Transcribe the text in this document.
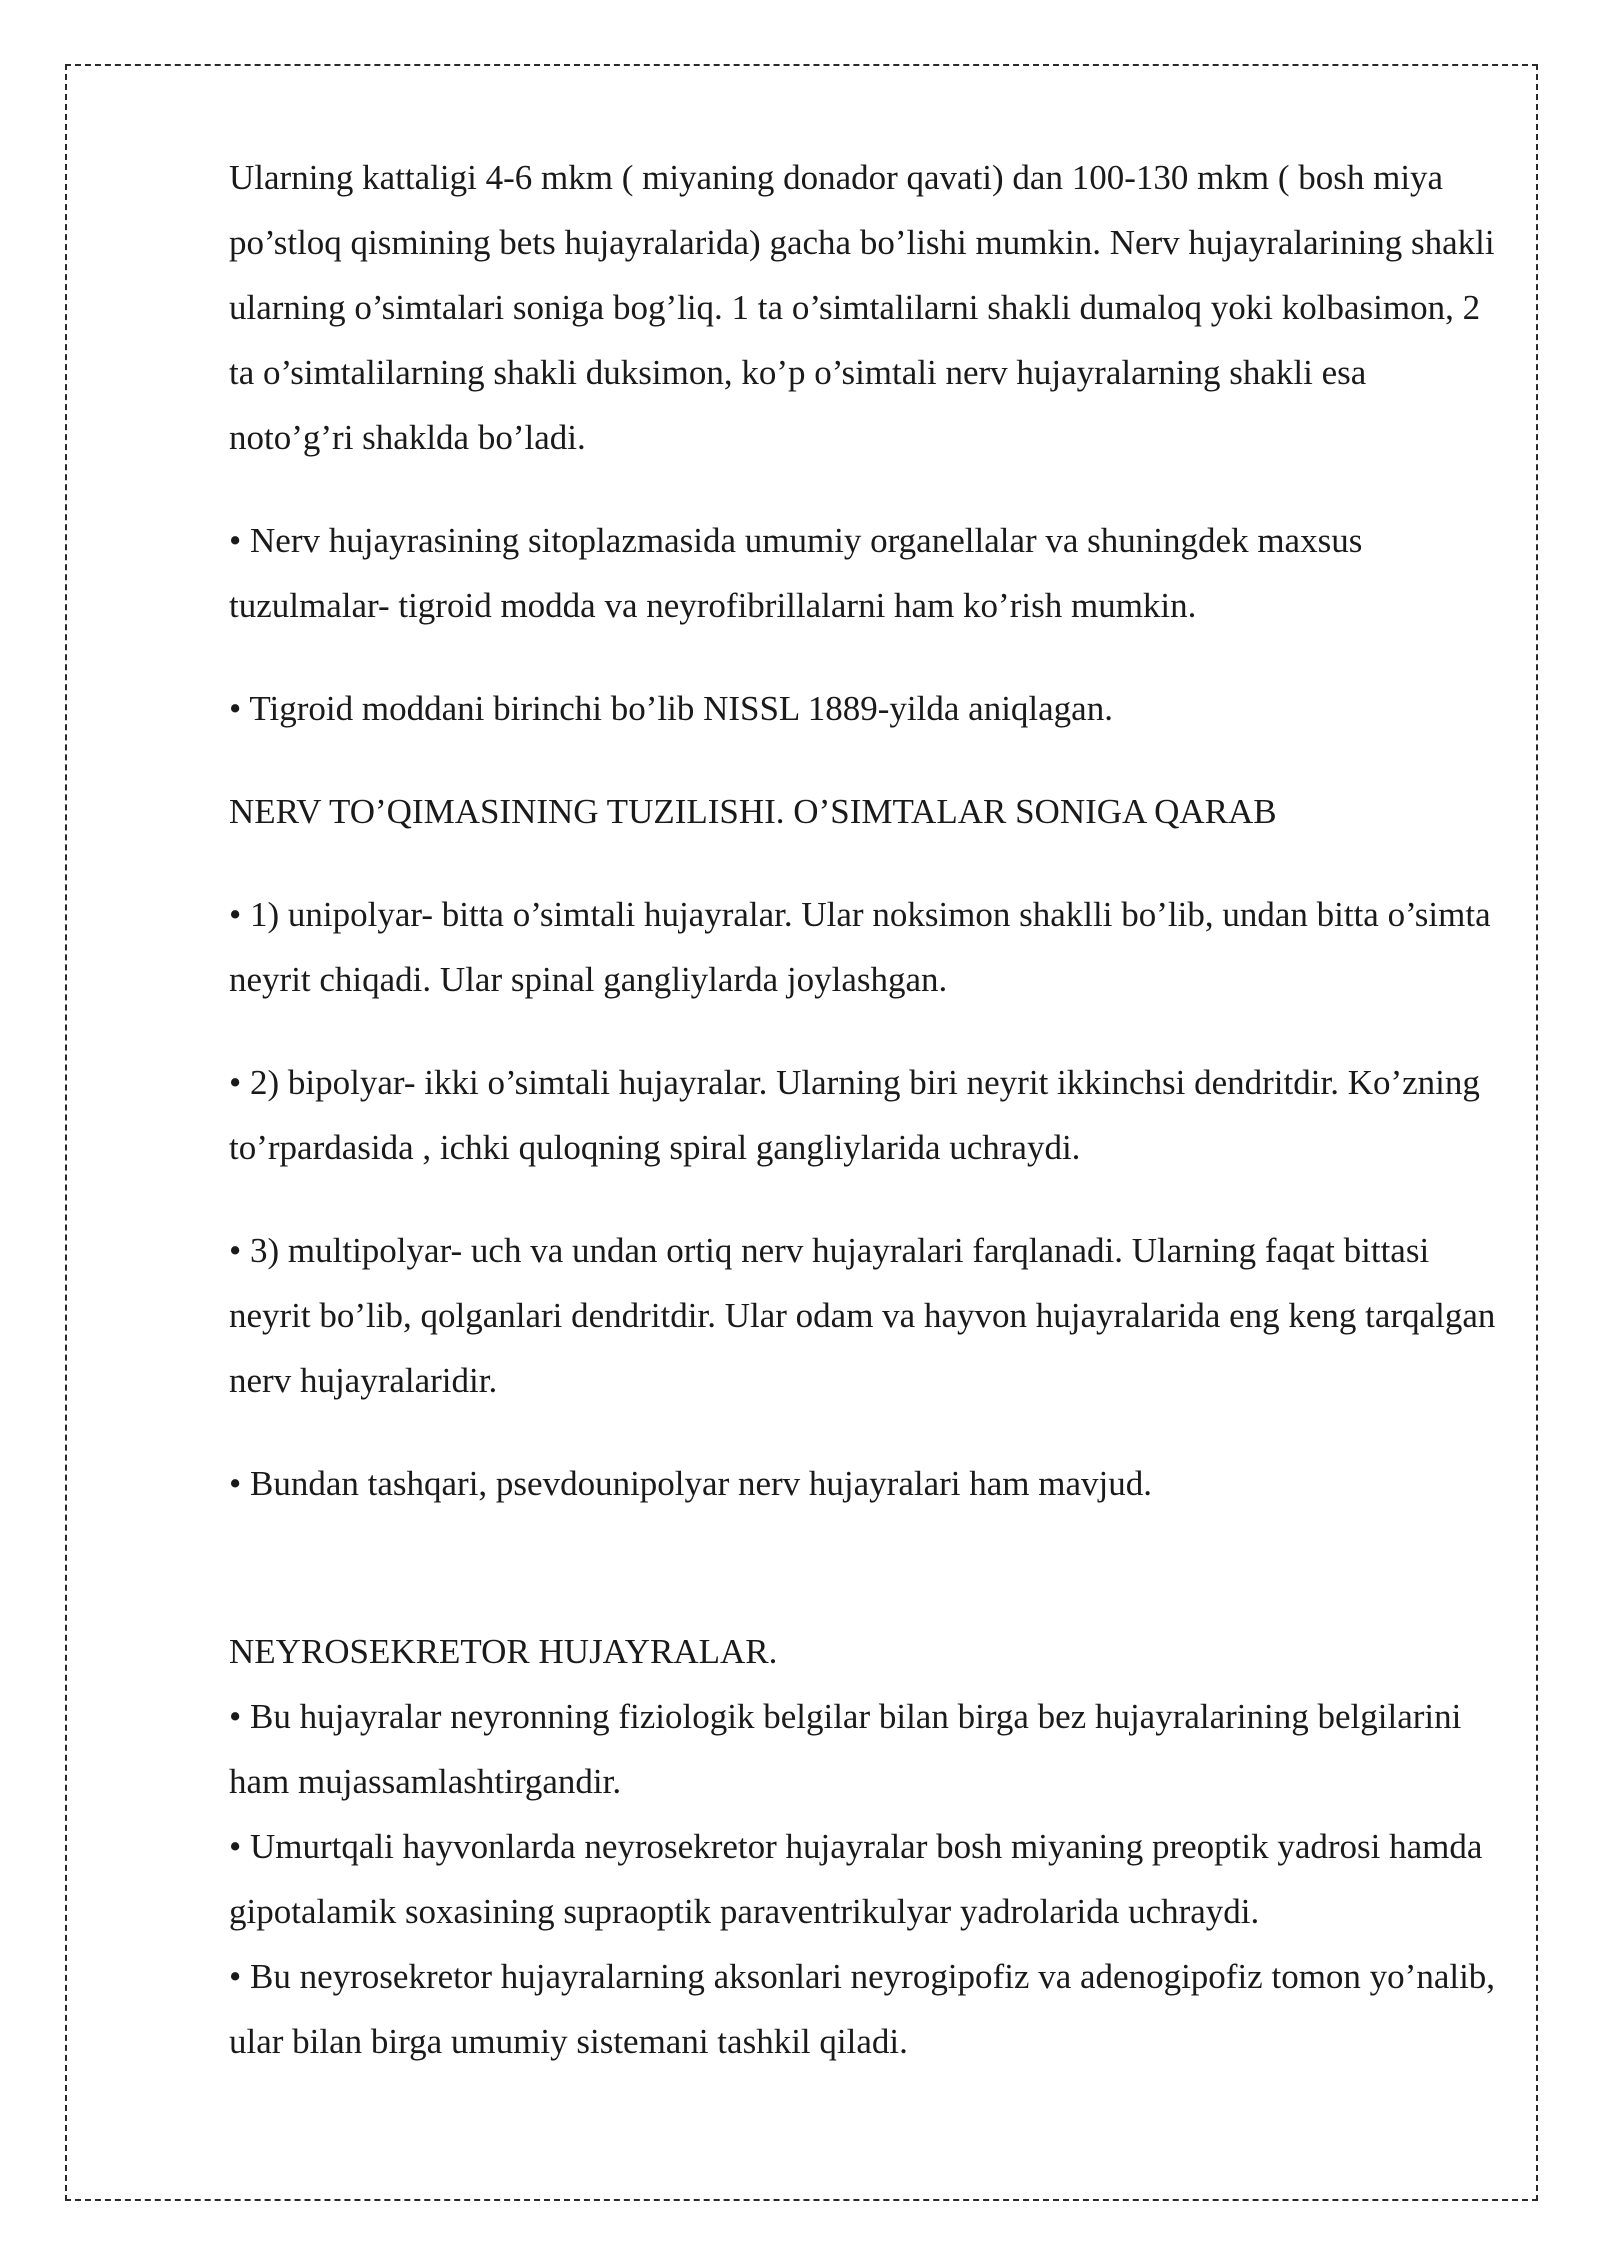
Ularning kattaligi 4-6 mkm ( miyaning donador qavati) dan 100-130 mkm ( bosh miya po’stloq qismining bets hujayralarida) gacha bo’lishi mumkin. Nerv hujayralarining shakli ularning o’simtalari soniga bog’liq. 1 ta o’simtalilarni shakli dumaloq yoki kolbasimon, 2 ta o’simtalilarning shakli duksimon, ko’p o’simtali nerv hujayralarning shakli esa noto’g’ri shakldа bo’ladi.

• Nerv hujayrasining sitoplazmasida umumiy organellalar va shuningdek maxsus tuzulmalar- tigroid modda va neyrofibrillalarni ham ko’rish mumkin.

• Tigroid moddani birinchi bo’lib NISSL 1889-yilda aniqlagan.

NERV TO’QIMASINING TUZILISHI. O’SIMTALAR SONIGA QARAB

• 1) unipolyar- bitta o’simtali hujayralar. Ular noksimon shaklli bo’lib, undan bitta o’simta neyrit chiqadi. Ular spinal gangliylarda joylashgan.

• 2) bipolyar- ikki o’simtali hujayralar. Ularning biri neyrit ikkinchsi dendritdir. Ko’zning to’rpardasida , ichki quloqning spiral gangliylarida uchraydi.

• 3) multipolyar- uch va undan ortiq nerv hujayralari farqlanadi. Ularning faqat bittasi neyrit bo’lib, qolganlari dendritdir. Ular odam va hayvon hujayralarida eng keng tarqalgan nerv hujayralaridir.

• Bundan tashqari, psevdounipolyar nerv hujayralari ham mavjud.

NEYROSEKRETOR HUJAYRALAR.

• Bu hujayralar neyronning fiziologik belgilar bilan birga bez hujayralarining belgilarini ham mujassamlashtirgandir.

• Umurtqali hayvonlarda neyrosekretor hujayralar bosh miyaning preoptik yadrosi hamda gipotalamik soxasining supraoptik paraventrikulyar yadrolarida uchraydi.

• Bu neyrosekretor hujayralarning aksonlari neyrogipofiz va adenogipofiz tomon yo’nalib, ular bilan birga umumiy sistemani tashkil qiladi.
